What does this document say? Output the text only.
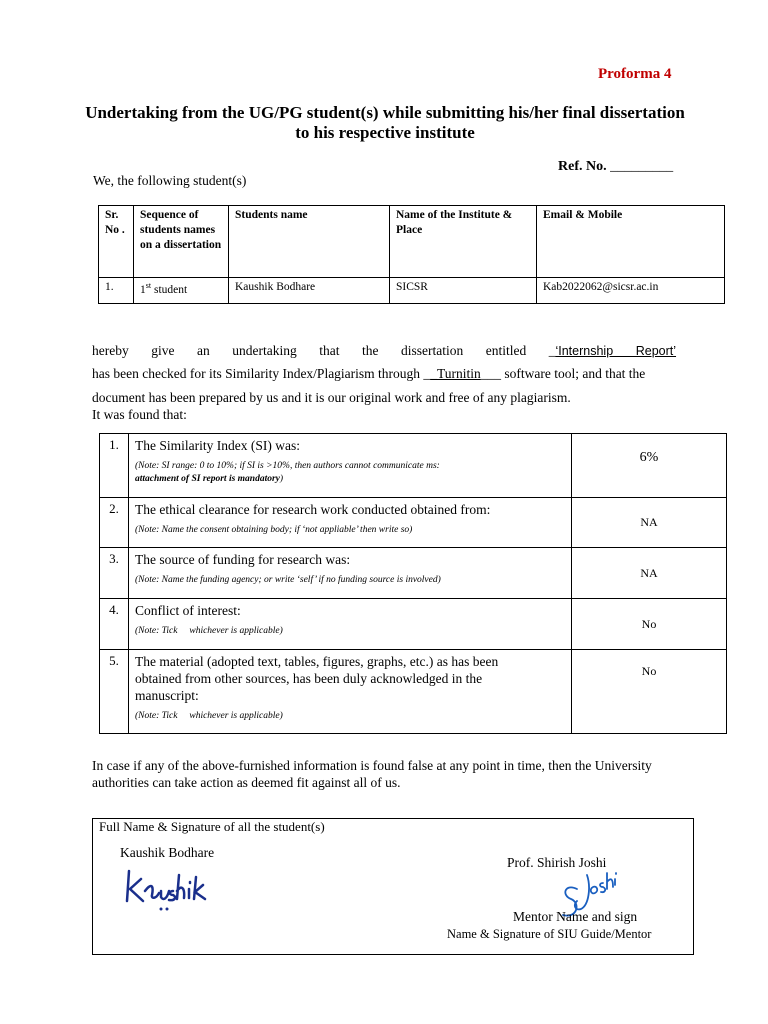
Proforma 4
Undertaking from the UG/PG student(s) while submitting his/her final dissertation to his respective institute
Ref. No. _________
We, the following student(s)
Sr. No .	Sequence of students names on a dissertation	Students name	Name of the Institute & Place	Email & Mobile
1.	1st student	Kaushik Bodhare	SICSR	Kab2022062@sicsr.ac.in
hereby give an undertaking that the dissertation entitled _‘Internship Report’
has been checked for its Similarity Index/Plagiarism through __Turnitin___ software tool; and that the
document has been prepared by us and it is our original work and free of any plagiarism.
It was found that:
1.	The Similarity Index (SI) was:
(Note: SI range: 0 to 10%; if SI is >10%, then authors cannot communicate ms:
attachment of SI report is mandatory)	6%
2.	The ethical clearance for research work conducted obtained from:
(Note: Name the consent obtaining body; if ‘not appliable’ then write so)	NA
3.	The source of funding for research was:
(Note: Name the funding agency; or write ‘self’ if no funding source is involved)	NA
4.	Conflict of interest:
(Note: Tick     whichever is applicable)	No
5.	The material (adopted text, tables, figures, graphs, etc.) as has been obtained from other sources, has been duly acknowledged in the manuscript:
(Note: Tick     whichever is applicable)	No
In case if any of the above-furnished information is found false at any point in time, then the University authorities can take action as deemed fit against all of us.
Full Name & Signature of all the student(s)
Kaushik Bodhare
Prof. Shirish Joshi
Mentor Name and sign
Name & Signature of SIU Guide/Mentor
